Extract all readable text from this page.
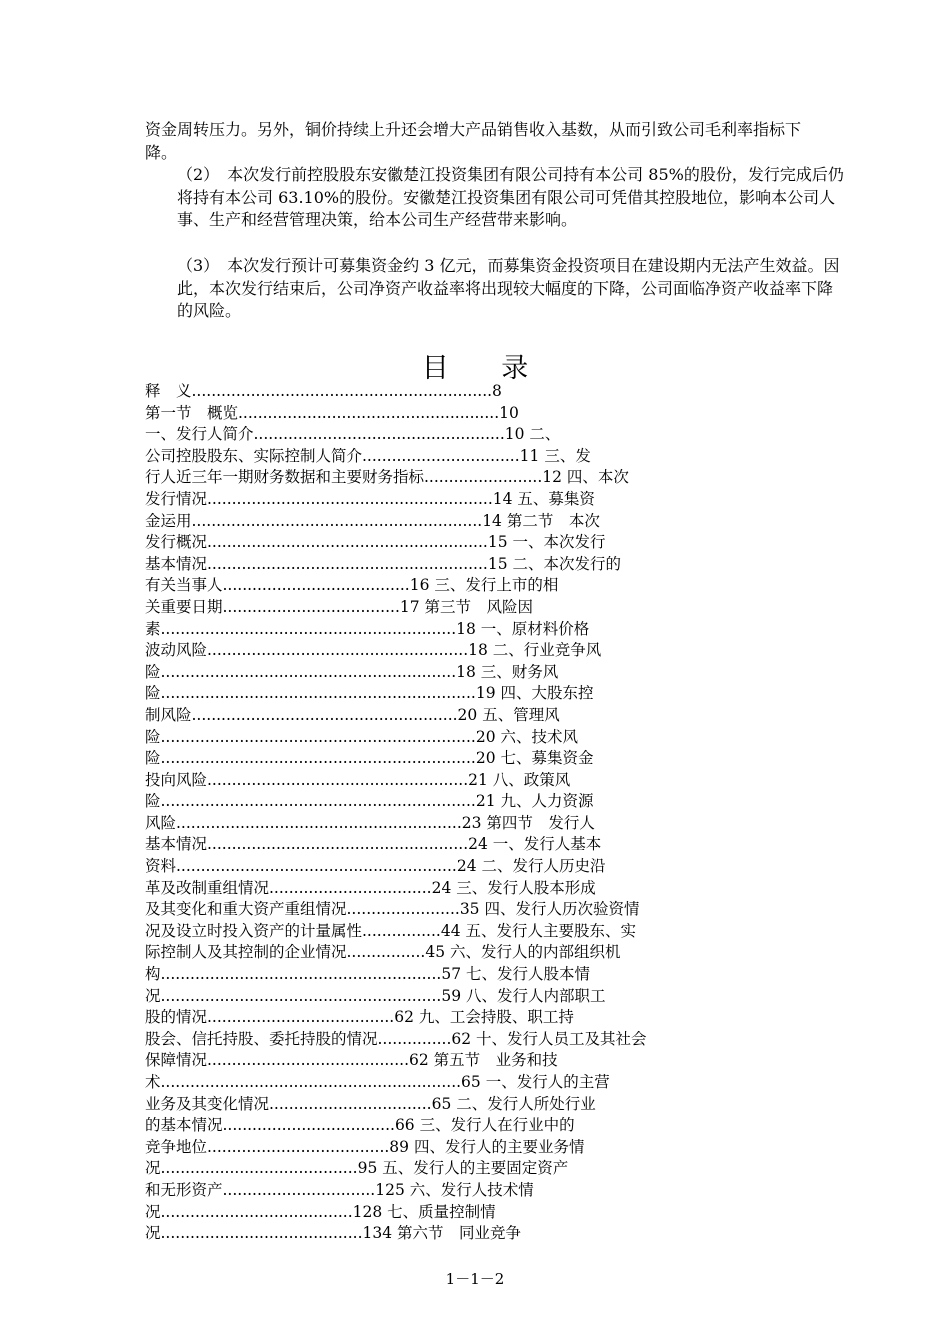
资金周转压力。另外，铜价持续上升还会增大产品销售收入基数，从而引致公司毛利率指标下降。

（2）　本次发行前控股股东安徽楚江投资集团有限公司持有本公司 85%的股份，发行完成后仍将持有本公司 63.10%的股份。安徽楚江投资集团有限公司可凭借其控股地位，影响本公司人事、生产和经营管理决策，给本公司生产经营带来影响。

（3）　本次发行预计可募集资金约 3 亿元，而募集资金投资项目在建设期内无法产生效益。因此，本次发行结束后，公司净资产收益率将出现较大幅度的下降，公司面临净资产收益率下降的风险。

目 录
释　义.............................................................8
第一节　概览.....................................................10
一、发行人简介...................................................10 二、
公司控股股东、实际控制人简介................................11 三、发
行人近三年一期财务数据和主要财务指标........................12 四、本次
发行情况..........................................................14 五、募集资
金运用...........................................................14 第二节　本次
发行概况.........................................................15 一、本次发行
基本情况.........................................................15 二、本次发行的
有关当事人......................................16 三、发行上市的相
关重要日期....................................17 第三节　风险因
素............................................................18 一、原材料价格
波动风险.....................................................18 二、行业竞争风
险............................................................18 三、财务风
险................................................................19 四、大股东控
制风险......................................................20 五、管理风
险................................................................20 六、技术风
险................................................................20 七、募集资金
投向风险.....................................................21 八、政策风
险................................................................21 九、人力资源
风险..........................................................23 第四节　发行人
基本情况.....................................................24 一、发行人基本
资料.........................................................24 二、发行人历史沿
革及改制重组情况.................................24 三、发行人股本形成
及其变化和重大资产重组情况.......................35 四、发行人历次验资情
况及设立时投入资产的计量属性................44 五、发行人主要股东、实
际控制人及其控制的企业情况................45 六、发行人的内部组织机
构.........................................................57 七、发行人股本情
况.........................................................59 八、发行人内部职工
股的情况......................................62 九、工会持股、职工持
股会、信托持股、委托持股的情况...............62 十、发行人员工及其社会
保障情况.........................................62 第五节　业务和技
术.............................................................65 一、发行人的主营
业务及其变化情况.................................65 二、发行人所处行业
的基本情况...................................66 三、发行人在行业中的
竞争地位.....................................89 四、发行人的主要业务情
况........................................95 五、发行人的主要固定资产
和无形资产...............................125 六、发行人技术情
况.......................................128 七、质量控制情
况.........................................134 第六节　同业竞争
1－1－2
